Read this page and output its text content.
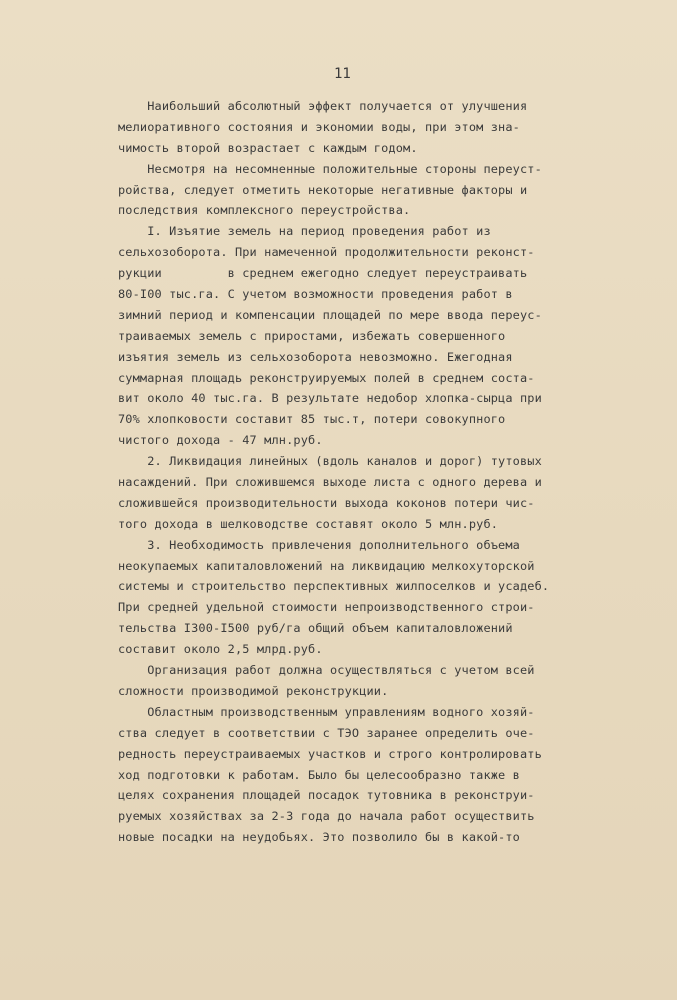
11
Наибольший абсолютный эффект получается от улучшения
мелиоративного состояния и экономии воды, при этом зна-
чимость второй возрастает с каждым годом.
Несмотря на несомненные положительные стороны переуст-
ройства, следует отметить некоторые негативные факторы и
последствия комплексного переустройства.
I. Изъятие земель на период проведения работ из
сельхозоборота. При намеченной продолжительности реконст-
рукции         в среднем ежегодно следует переустраивать
80-I00 тыс.га. С учетом возможности проведения работ в
зимний период и компенсации площадей по мере ввода переус-
траиваемых земель с приростами, избежать совершенного
изъятия земель из сельхозоборота невозможно. Ежегодная
суммарная площадь реконструируемых полей в среднем соста-
вит около 40 тыс.га. В результате недобор хлопка-сырца при
70% хлопковости составит 85 тыс.т, потери совокупного
чистого дохода - 47 млн.руб.
2. Ликвидация линейных (вдоль каналов и дорог) тутовых
насаждений. При сложившемся выходе листа с одного дерева и
сложившейся производительности выхода коконов потери чис-
того дохода в шелководстве составят около 5 млн.руб.
3. Необходимость привлечения дополнительного объема
неокупаемых капиталовложений на ликвидацию мелкохуторской
системы и строительство перспективных жилпоселков и усадеб.
При средней удельной стоимости непроизводственного строи-
тельства I300-I500 руб/га общий объем капиталовложений
составит около 2,5 млрд.руб.
Организация работ должна осуществляться с учетом всей
сложности производимой реконструкции.
Областным производственным управлениям водного хозяй-
ства следует в соответствии с ТЭО заранее определить оче-
редность переустраиваемых участков и строго контролировать
ход подготовки к работам. Было бы целесообразно также в
целях сохранения площадей посадок тутовника в реконструи-
руемых хозяйствах за 2-3 года до начала работ осуществить
новые посадки на неудобьях. Это позволило бы в какой-то
